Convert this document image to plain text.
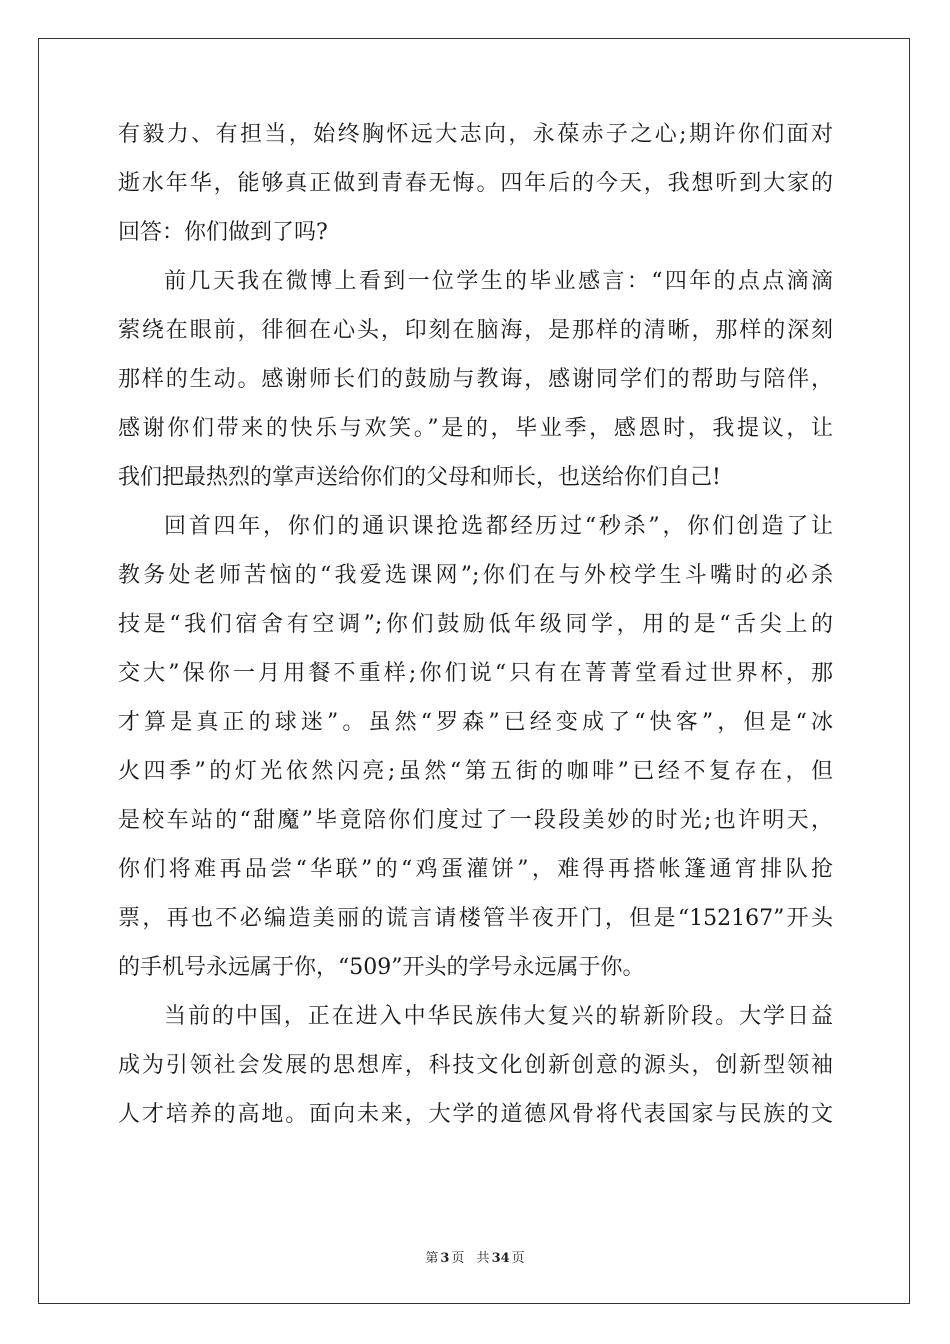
有毅力、有担当，始终胸怀远大志向，永葆赤子之心;期许你们面对
逝水年华，能够真正做到青春无悔。四年后的今天，我想听到大家的
回答：你们做到了吗?
前几天我在微博上看到一位学生的毕业感言：“四年的点点滴滴
萦绕在眼前，徘徊在心头，印刻在脑海，是那样的清晰，那样的深刻
那样的生动。感谢师长们的鼓励与教诲，感谢同学们的帮助与陪伴，
感谢你们带来的快乐与欢笑。”是的，毕业季，感恩时，我提议，让
我们把最热烈的掌声送给你们的父母和师长，也送给你们自己!
回首四年，你们的通识课抢选都经历过“秒杀”，你们创造了让
教务处老师苦恼的“我爱选课网”;你们在与外校学生斗嘴时的必杀
技是“我们宿舍有空调”;你们鼓励低年级同学，用的是“舌尖上的
交大”保你一月用餐不重样;你们说“只有在菁菁堂看过世界杯，那
才算是真正的球迷”。虽然“罗森”已经变成了“快客”，但是“冰
火四季”的灯光依然闪亮;虽然“第五街的咖啡”已经不复存在，但
是校车站的“甜魔”毕竟陪你们度过了一段段美妙的时光;也许明天，
你们将难再品尝“华联”的“鸡蛋灌饼”，难得再搭帐篷通宵排队抢
票，再也不必编造美丽的谎言请楼管半夜开门，但是“152167”开头
的手机号永远属于你，“509”开头的学号永远属于你。
当前的中国，正在进入中华民族伟大复兴的崭新阶段。大学日益
成为引领社会发展的思想库，科技文化创新创意的源头，创新型领袖
人才培养的高地。面向未来，大学的道德风骨将代表国家与民族的文
第 3 页 共 34 页
